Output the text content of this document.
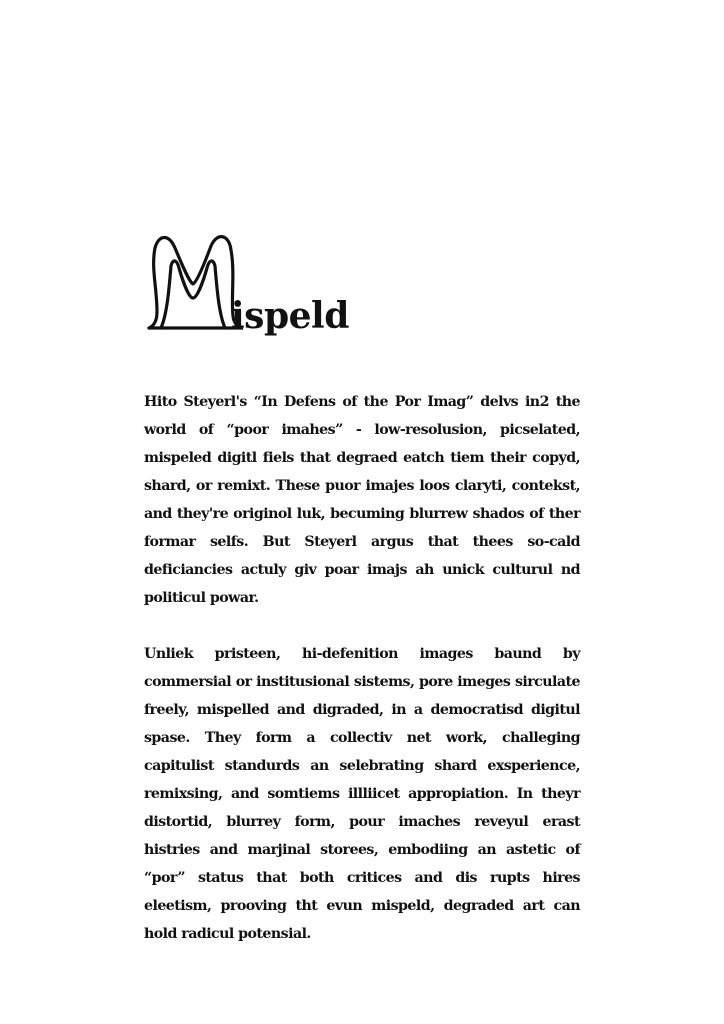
M
ispeld

Hito Steyerl's “In Defens of the Por Imag” delvs in2 the world of “poor imahes” - low-resolusion, picselated, mispeled digitl fiels that degraed eatch tiem their copyd, shard, or remixt. These puor imajes loos claryti, contekst, and they're originol luk, becuming blurrew shados of ther formar selfs. But Steyerl argus that thees so-cald deficiancies actuly giv poar imajs ah unick culturul nd politicul powar.

Unliek pristeen, hi-defenition images baund by commersial or institusional sistems, pore imeges sirculate freely, mispelled and digraded, in a democratisd digitul spase. They form a collectiv net work, challeging capitulist standurds an selebrating shard exsperience, remixsing, and somtiems illliicet appropiation. In theyr distortid, blurrey form, pour imaches reveyul erast histries and marjinal storees, embodiing an astetic of “por” status that both critices and dis rupts hires eleetism, prooving tht evun mispeld, degraded art can hold radicul potensial.
